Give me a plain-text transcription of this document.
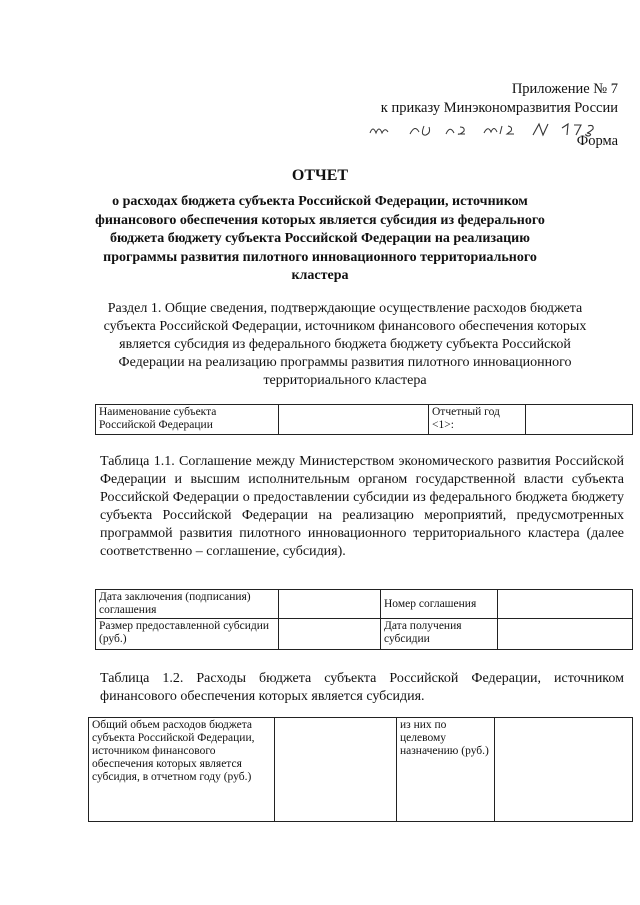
Приложение № 7
к приказу Минэкономразвития России
Форма
ОТЧЕТ
о расходах бюджета субъекта Российской Федерации, источником финансового обеспечения которых является субсидия из федерального бюджета бюджету субъекта Российской Федерации на реализацию программы развития пилотного инновационного территориального кластера
Раздел 1. Общие сведения, подтверждающие осуществление расходов бюджета субъекта Российской Федерации, источником финансового обеспечения которых является субсидия из федерального бюджета бюджету субъекта Российской Федерации на реализацию программы развития пилотного инновационного территориального кластера
Наименование субъекта Российской Федерации		Отчетный год <1>:	
Таблица 1.1. Соглашение между Министерством экономического развития Российской Федерации и высшим исполнительным органом государственной власти субъекта Российской Федерации о предоставлении субсидии из федерального бюджета бюджету субъекта Российской Федерации на реализацию мероприятий, предусмотренных программой развития пилотного инновационного территориального кластера (далее соответственно – соглашение, субсидия).
Дата заключения (подписания) соглашения		Номер соглашения	
Размер предоставленной субсидии (руб.)		Дата получения субсидии	
Таблица 1.2. Расходы бюджета субъекта Российской Федерации, источником финансового обеспечения которых является субсидия.
Общий объем расходов бюджета субъекта Российской Федерации, источником финансового обеспечения которых является субсидия, в отчетном году (руб.)		из них по целевому назначению (руб.)	
